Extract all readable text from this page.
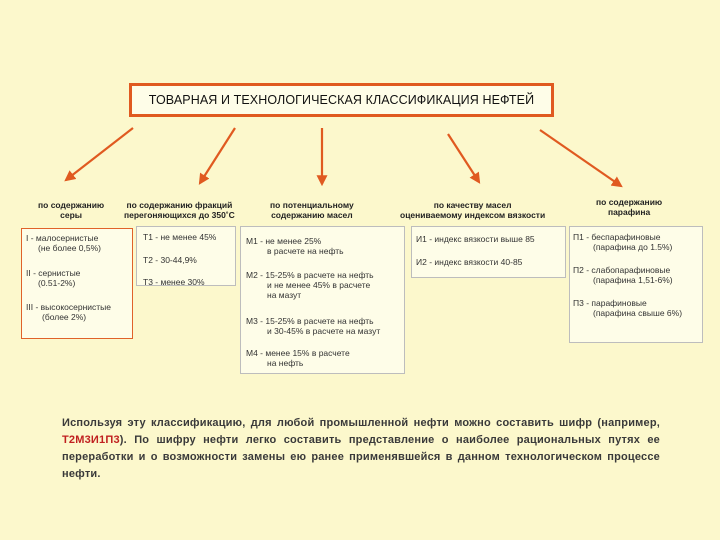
ТОВАРНАЯ И ТЕХНОЛОГИЧЕСКАЯ КЛАССИФИКАЦИЯ НЕФТЕЙ
по содержанию
серы
I - малосернистые
(не более 0,5%)
II - сернистые
(0.51-2%)
III - высокосернистые
(более 2%)
по содержанию фракций
перегоняющихся до 350˚С
Т1 - не менее 45%
Т2 - 30-44,9%
Т3 - менее 30%
по потенциальному
содержанию масел
М1 - не менее 25%
в расчете на нефть
М2 - 15-25% в расчете на нефть
и не менее 45% в расчете
на мазут
М3 - 15-25% в расчете на нефть
и 30-45% в расчете на мазут
М4 - менее 15% в расчете
на нефть
по качеству масел
оцениваемому индексом вязкости
И1 - индекс вязкости выше 85
И2 - индекс вязкости 40-85
по содержанию
парафина
П1 - беспарафиновые
(парафина до 1.5%)
П2 - слабопарафиновые
(парафина 1,51-6%)
П3 - парафиновые
(парафина свыше 6%)
Используя эту классификацию, для любой промышленной нефти можно составить шифр (например, Т2М3И1П3). По шифру нефти легко составить представление о наиболее рациональных путях ее переработки и о возможности замены ею ранее применявшейся в данном технологическом процессе нефти.
